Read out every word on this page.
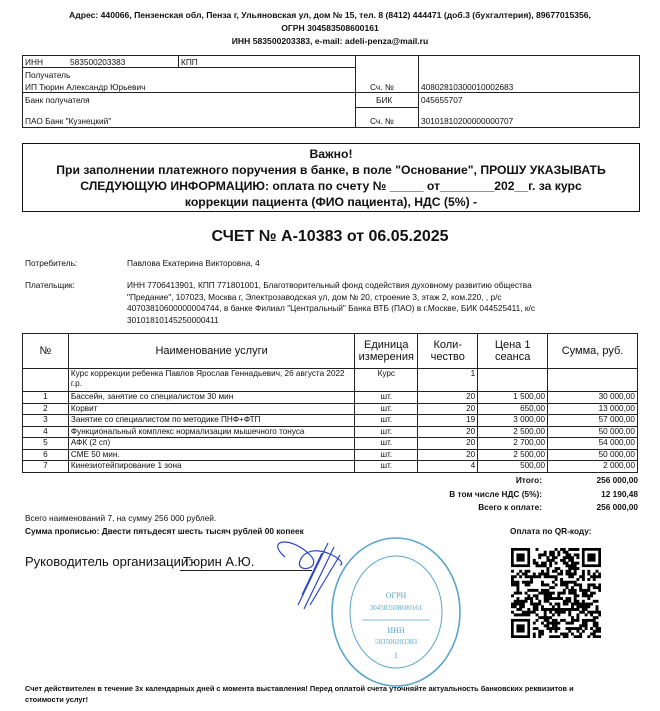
Адрес: 440066, Пензенская обл, Пенза г, Ульяновская ул, дом № 15, тел. 8 (8412) 444471 (доб.3 (бухгалтерия), 89677015356,
ОГРН 304583508600161
ИНН 583500203383, e-mail: adeli-penza@mail.ru
ИНН	583500203383	КПП
Получатель
ИП Тюрин Александр Юрьевич	Сч. №	40802810300010002683
Банк получателя
ПАО Банк "Кузнецкий"
БИК	045655707
Сч. №	30101810200000000707
Важно!
При заполнении платежного поручения в банке, в поле "Основание", ПРОШУ УКАЗЫВАТЬ
СЛЕДУЮЩУЮ ИНФОРМАЦИЮ: оплата по счету № _____ от________202__г. за курс
коррекции пациента (ФИО пациента), НДС (5%) -
СЧЕТ № А-10383 от 06.05.2025
Потребитель:	Павлова Екатерина Викторовна, 4
Плательщик:	ИНН 7706413901, КПП 771801001, Благотворительный фонд содействия духовному развитию общества
"Предание", 107023, Москва г, Электрозаводская ул, дом № 20, строение 3, этаж 2, ком.220, , р/с
40703810600000004744, в банке Филиал "Центральный" Банка ВТБ (ПАО) в г.Москве, БИК 044525411, к/с
30101810145250000411
№	Наименование услуги	Единица измерения	Коли-чество	Цена 1 сеанса	Сумма, руб.
	Курс коррекции ребенка Павлов Ярослав Геннадьевич, 26 августа 2022 г.р.	Курс	1		
1	Бассейн, занятие со специалистом 30 мин	шт.	20	1 500,00	30 000,00
2	Корвит	шт.	20	650,00	13 000,00
3	Занятие со специалистом по методике ПНФ+ФТП	шт.	19	3 000,00	57 000,00
4	Функциональный комплекс нормализации мышечного тонуса	шт.	20	2 500,00	50 000,00
5	АФК (2 сп)	шт.	20	2 700,00	54 000,00
6	СМЕ 50 мин.	шт.	20	2 500,00	50 000,00
7	Кинезиотейпирование 1 зона	шт.	4	500,00	2 000,00
Итого:	256 000,00
В том числе НДС (5%):	12 190,48
Всего к оплате:	256 000,00
Всего наименований 7, на сумму 256 000 рублей.
Сумма прописью: Двести пятьдесят шесть тысяч рублей 00 копеек	Оплата по QR-коду:
Руководитель организации:
Тюрин А.Ю.
ОГРН
304583508600161
ИНН
583500203383
1
Счет действителен в течение 3х календарных дней с момента выставления! Перед оплатой счета уточняйте актуальность банковских реквизитов и
стоимости услуг!
